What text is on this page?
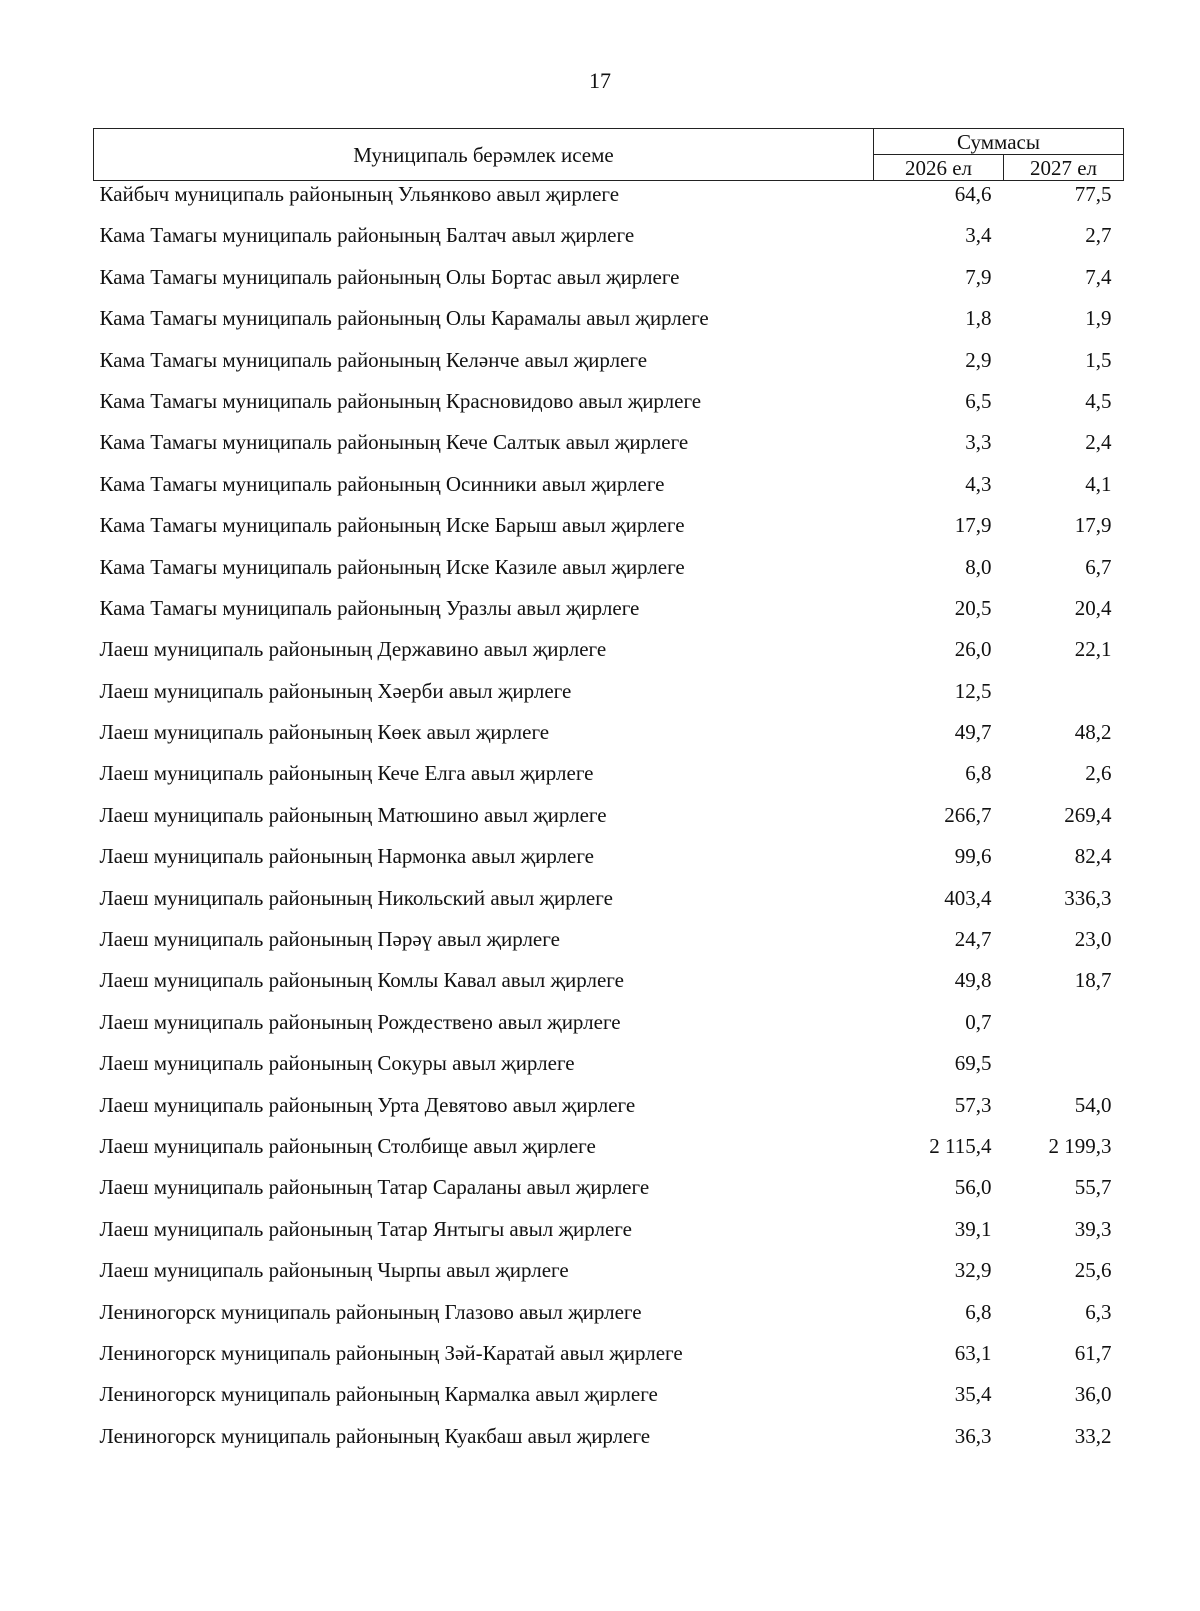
17
Муниципаль берәмлек исеме	Суммасы	
	2026 ел	2027 ел
Кайбыч муниципаль районының Ульянково авыл җирлеге	64,6	77,5
Кама Тамагы муниципаль районының Балтач авыл җирлеге	3,4	2,7
Кама Тамагы муниципаль районының Олы Бортас авыл җирлеге	7,9	7,4
Кама Тамагы муниципаль районының Олы Карамалы авыл җирлеге	1,8	1,9
Кама Тамагы муниципаль районының Келәнче авыл җирлеге	2,9	1,5
Кама Тамагы муниципаль районының Красновидово авыл җирлеге	6,5	4,5
Кама Тамагы муниципаль районының Кече Салтык авыл җирлеге	3,3	2,4
Кама Тамагы муниципаль районының Осинники авыл җирлеге	4,3	4,1
Кама Тамагы муниципаль районының Иске Барыш авыл җирлеге	17,9	17,9
Кама Тамагы муниципаль районының Иске Казиле авыл җирлеге	8,0	6,7
Кама Тамагы муниципаль районының Уразлы авыл җирлеге	20,5	20,4
Лаеш муниципаль районының Державино авыл җирлеге	26,0	22,1
Лаеш муниципаль районының Хәерби авыл җирлеге	12,5	
Лаеш муниципаль районының Көек авыл җирлеге	49,7	48,2
Лаеш муниципаль районының Кече Елга авыл җирлеге	6,8	2,6
Лаеш муниципаль районының Матюшино авыл җирлеге	266,7	269,4
Лаеш муниципаль районының Нармонка авыл җирлеге	99,6	82,4
Лаеш муниципаль районының Никольский авыл җирлеге	403,4	336,3
Лаеш муниципаль районының Пәрәү авыл җирлеге	24,7	23,0
Лаеш муниципаль районының Комлы Кавал авыл җирлеге	49,8	18,7
Лаеш муниципаль районының Рождествено авыл җирлеге	0,7	
Лаеш муниципаль районының Сокуры авыл җирлеге	69,5	
Лаеш муниципаль районының Урта Девятово авыл җирлеге	57,3	54,0
Лаеш муниципаль районының Столбище авыл җирлеге	2 115,4	2 199,3
Лаеш муниципаль районының Татар Сараланы авыл җирлеге	56,0	55,7
Лаеш муниципаль районының Татар Янтыгы авыл җирлеге	39,1	39,3
Лаеш муниципаль районының Чырпы авыл җирлеге	32,9	25,6
Лениногорск муниципаль районының Глазово авыл җирлеге	6,8	6,3
Лениногорск муниципаль районының Зәй-Каратай авыл җирлеге	63,1	61,7
Лениногорск муниципаль районының Кармалка авыл җирлеге	35,4	36,0
Лениногорск муниципаль районының Куакбаш авыл җирлеге	36,3	33,2
